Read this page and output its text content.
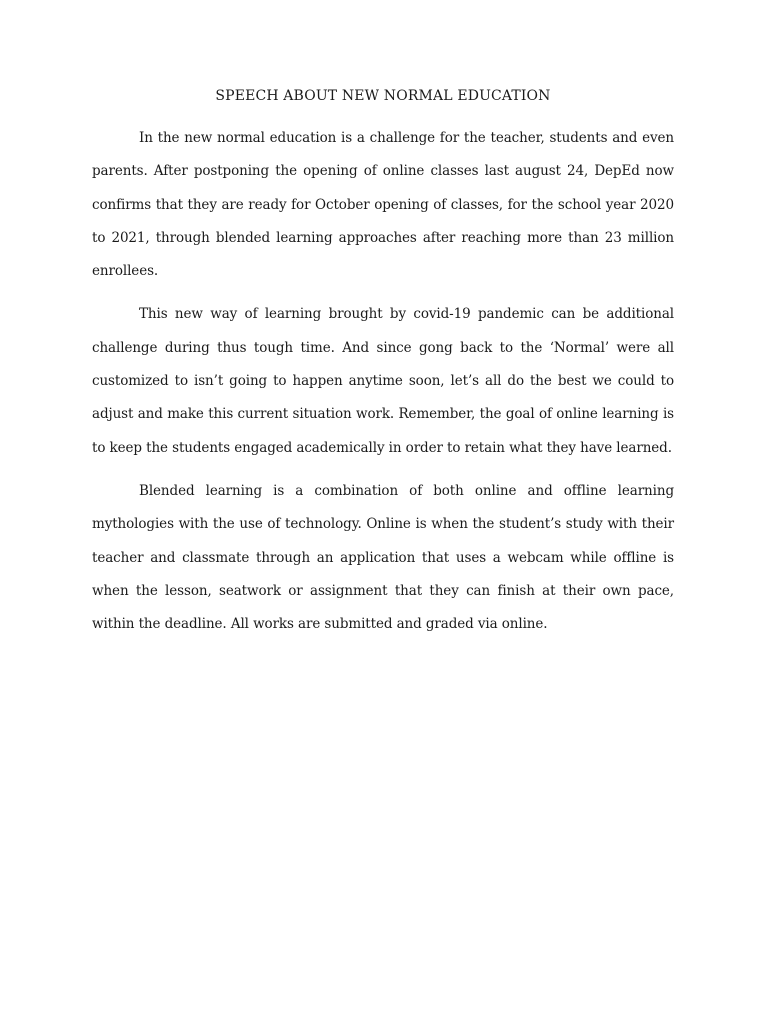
SPEECH ABOUT NEW NORMAL EDUCATION

In the new normal education is a challenge for the teacher, students and even parents. After postponing the opening of online classes last august 24, DepEd now confirms that they are ready for October opening of classes, for the school year 2020 to 2021, through blended learning approaches after reaching more than 23 million enrollees.

This new way of learning brought by covid-19 pandemic can be additional challenge during thus tough time. And since gong back to the ‘Normal’ were all customized to isn’t going to happen anytime soon, let’s all do the best we could to adjust and make this current situation work. Remember, the goal of online learning is to keep the students engaged academically in order to retain what they have learned.

Blended learning is a combination of both online and offline learning mythologies with the use of technology. Online is when the student’s study with their teacher and classmate through an application that uses a webcam while offline is when the lesson, seatwork or assignment that they can finish at their own pace, within the deadline. All works are submitted and graded via online.
